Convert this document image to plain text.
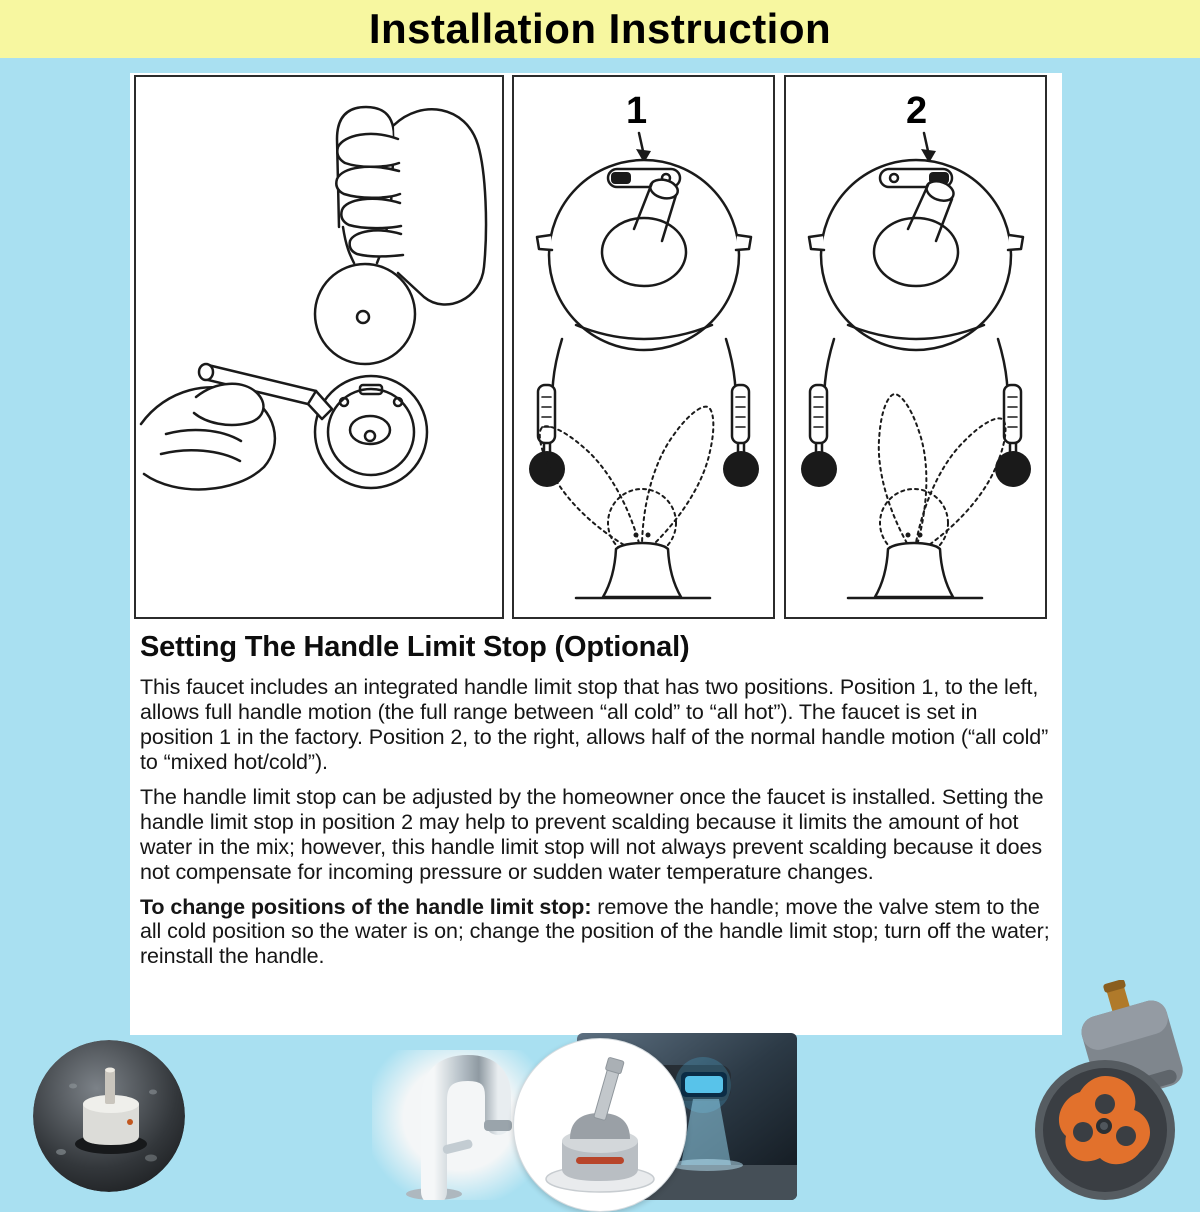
Installation Instruction
1	2
Setting The Handle Limit Stop (Optional)

This faucet includes an integrated handle limit stop that has two positions. Position 1, to the left, allows full handle motion (the full range between “all cold” to “all hot”). The faucet is set in position 1 in the factory. Position 2, to the right, allows half of the normal handle motion (“all cold” to “mixed hot/cold”).

The handle limit stop can be adjusted by the homeowner once the faucet is installed. Setting the handle limit stop in position 2 may help to prevent scalding because it limits the amount of hot water in the mix; however, this handle limit stop will not always prevent scalding because it does not compensate for incoming pressure or sudden water temperature changes.

To change positions of the handle limit stop: remove the handle; move the valve stem to the all cold position so the water is on; change the position of the handle limit stop; turn off the water; reinstall the handle.
